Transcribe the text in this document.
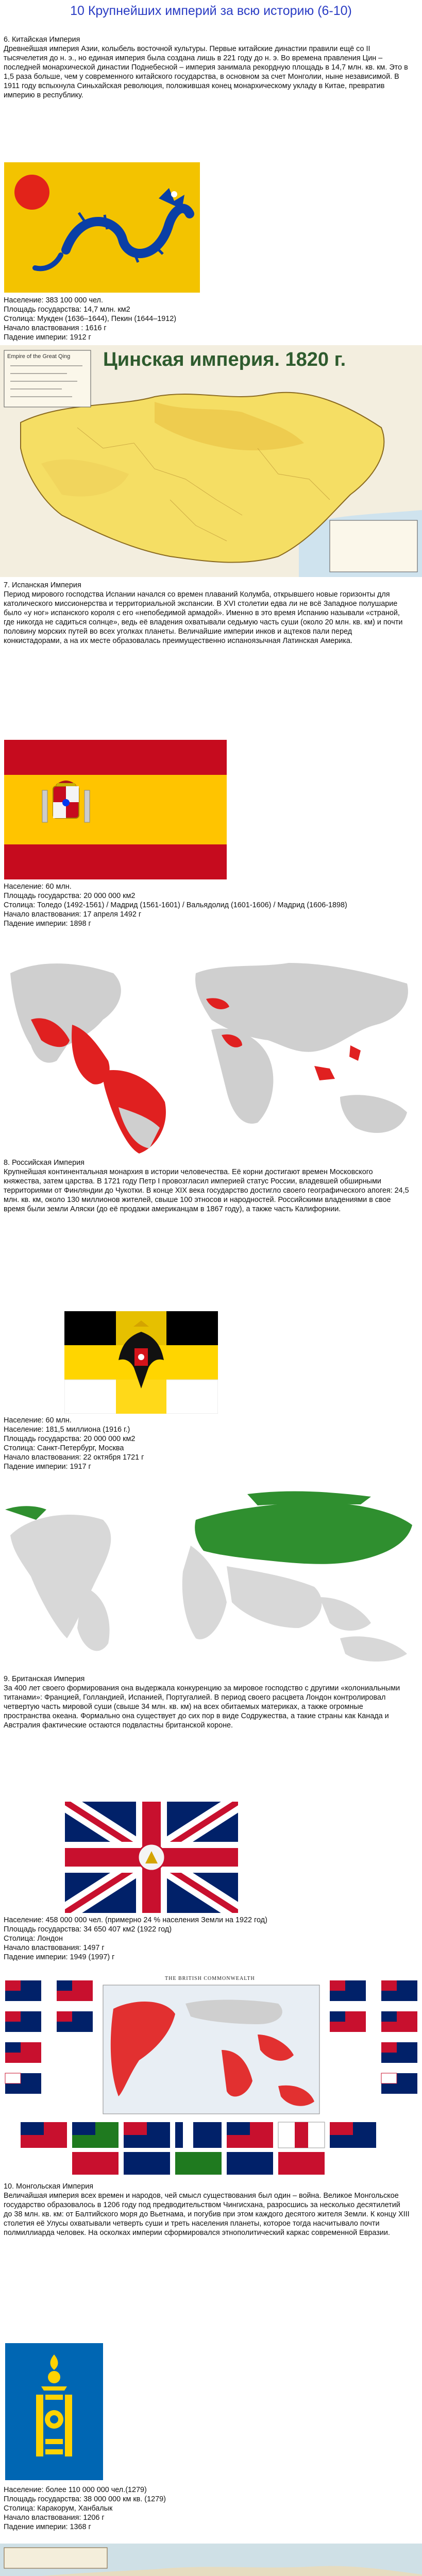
10 Крупнейших империй за всю историю (6-10)

6. Китайская Империя

Древнейшая империя Азии, колыбель восточной культуры. Первые китайские династии правили ещё со II тысячелетия до н. э., но единая империя была создана лишь в 221 году до н. э. Во времена правления Цин – последней монархической династии Поднебесной – империя занимала рекордную площадь в 14,7 млн. кв. км. Это в 1,5 раза больше, чем у современного китайского государства, в основном за счет Монголии, ныне независимой. В 1911 году вспыхнула Синьхайская революция, положившая конец монархическому укладу в Китае, превратив империю в республику.

Население: 383 100 000 чел.

Площадь государства: 14,7 млн. км2

Столица: Мукден (1636–1644), Пекин (1644–1912)

Начало властвования : 1616 г

Падение империи: 1912 г

Цинская империя. 1820 г.
Empire of the Great Qing

7. Испанская Империя

Период мирового господства Испании начался со времен плаваний Колумба, открывшего новые горизонты для католического миссионерства и территориальной экспансии. В XVI столетии едва ли не всё Западное полушарие было «у ног» испанского короля с его «непобедимой армадой». Именно в это время Испанию называли «страной, где никогда не садиться солнце», ведь её владения охватывали седьмую часть суши (около 20 млн. кв. км) и почти половину морских путей во всех уголках планеты. Величайшие империи инков и ацтеков пали перед конкистадорами, а на их месте образовалась преимущественно испаноязычная Латинская Америка.

Население: 60 млн.

Площадь государства: 20 000 000 км2

Столица: Толедо (1492-1561) / Мадрид (1561-1601) / Вальядолид (1601-1606) / Мадрид (1606-1898)

Начало властвования: 17 апреля 1492 г

Падение империи: 1898 г

8. Российская Империя

Крупнейшая континентальная монархия в истории человечества. Её корни достигают времен Московского княжества, затем царства. В 1721 году Петр I провозгласил империей статус России, владевшей обширными территориями от Финляндии до Чукотки. В конце XIX века государство достигло своего географического апогея: 24,5 млн. кв. км, около 130 миллионов жителей, свыше 100 этносов и народностей. Российскими владениями в свое время были земли Аляски (до её продажи американцам в 1867 году), а также часть Калифорнии.

Население: 60 млн.

Население: 181,5 миллиона (1916 г.)

Площадь государства: 20 000 000 км2

Столица: Санкт-Петербург, Москва

Начало властвования: 22 октября 1721 г

Падение империи: 1917 г

9. Британская Империя

За 400 лет своего формирования она выдержала конкуренцию за мировое господство с другими «колониальными титанами»: Францией, Голландией, Испанией, Португалией. В период своего расцвета Лондон контролировал четвертую часть мировой суши (свыше 34 млн. кв. км) на всех обитаемых материках, а также огромные пространства океана. Формально она существует до сих пор в виде Содружества, а такие страны как Канада и Австралия фактические остаются подвластны британской короне.

Население: 458 000 000 чел. (примерно 24 % населения Земли на 1922 год)

Площадь государства: 34 650 407 км2 (1922 год)

Столица: Лондон

Начало властвования: 1497 г

Падение империи: 1949 (1997) г

THE BRITISH COMMONWEALTH

10. Монгольская Империя

Величайшая империя всех времен и народов, чей смысл существования был один – война. Великое Монгольское государство образовалось в 1206 году под предводительством Чингисхана, разросшись за несколько десятилетий до 38 млн. кв. км: от Балтийского моря до Вьетнама, и погубив при этом каждого десятого жителя Земли. К концу XIII столетия её Улусы охватывали четверть суши и треть населения планеты, которое тогда насчитывало почти полмиллиарда человек. На осколках империи сформировался этнополитический каркас современной Евразии.

Население: более 110 000 000 чел.(1279)

Площадь государства: 38 000 000 км кв. (1279)

Столица: Каракорум, Ханбалык

Начало властвования: 1206 г

Падение империи: 1368 г
